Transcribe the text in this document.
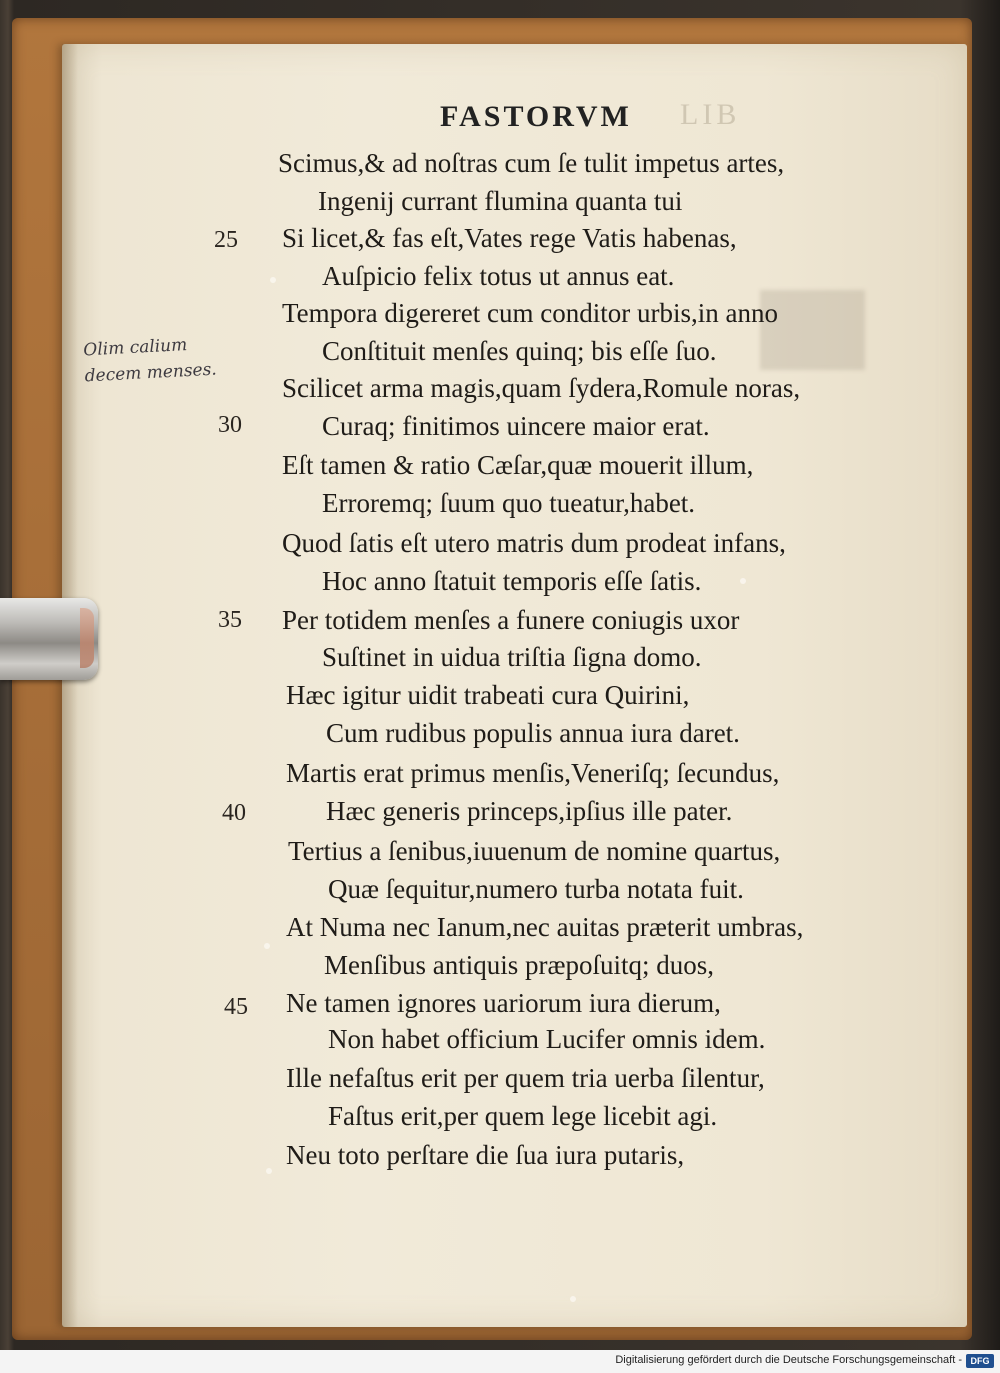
LIB
FASTORVM

Scimus,& ad noſtras cum ſe tulit impetus artes,

Ingenij currant flumina quanta tui

Si licet,& fas eſt,Vates rege Vatis habenas,

Auſpicio felix totus ut annus eat.

Tempora digereret cum conditor urbis,in anno

Conſtituit menſes quinq; bis eſſe ſuo.

Scilicet arma magis,quam ſydera,Romule noras,

Curaq; finitimos uincere maior erat.

Eſt tamen & ratio Cæſar,quæ mouerit illum,

Erroremq; ſuum quo tueatur,habet.

Quod ſatis eſt utero matris dum prodeat infans,

Hoc anno ſtatuit temporis eſſe ſatis.

Per totidem menſes a funere coniugis uxor

Suſtinet in uidua triſtia ſigna domo.

Hæc igitur uidit trabeati cura Quirini,

Cum rudibus populis annua iura daret.

Martis erat primus menſis,Veneriſq; ſecundus,

Hæc generis princeps,ipſius ille pater.

Tertius a ſenibus,iuuenum de nomine quartus,

Quæ ſequitur,numero turba notata fuit.

At Numa nec Ianum,nec auitas præterit umbras,

Menſibus antiquis præpoſuitq; duos,

Ne tamen ignores uariorum iura dierum,

Non habet officium Lucifer omnis idem.

Ille nefaſtus erit per quem tria uerba ſilentur,

Faſtus erit,per quem lege licebit agi.

Neu toto perſtare die ſua iura putaris,

25

30

35

40

45

Olim calium
decem menses.
Digitalisierung gefördert durch die Deutsche Forschungsgemeinschaft - DFG
